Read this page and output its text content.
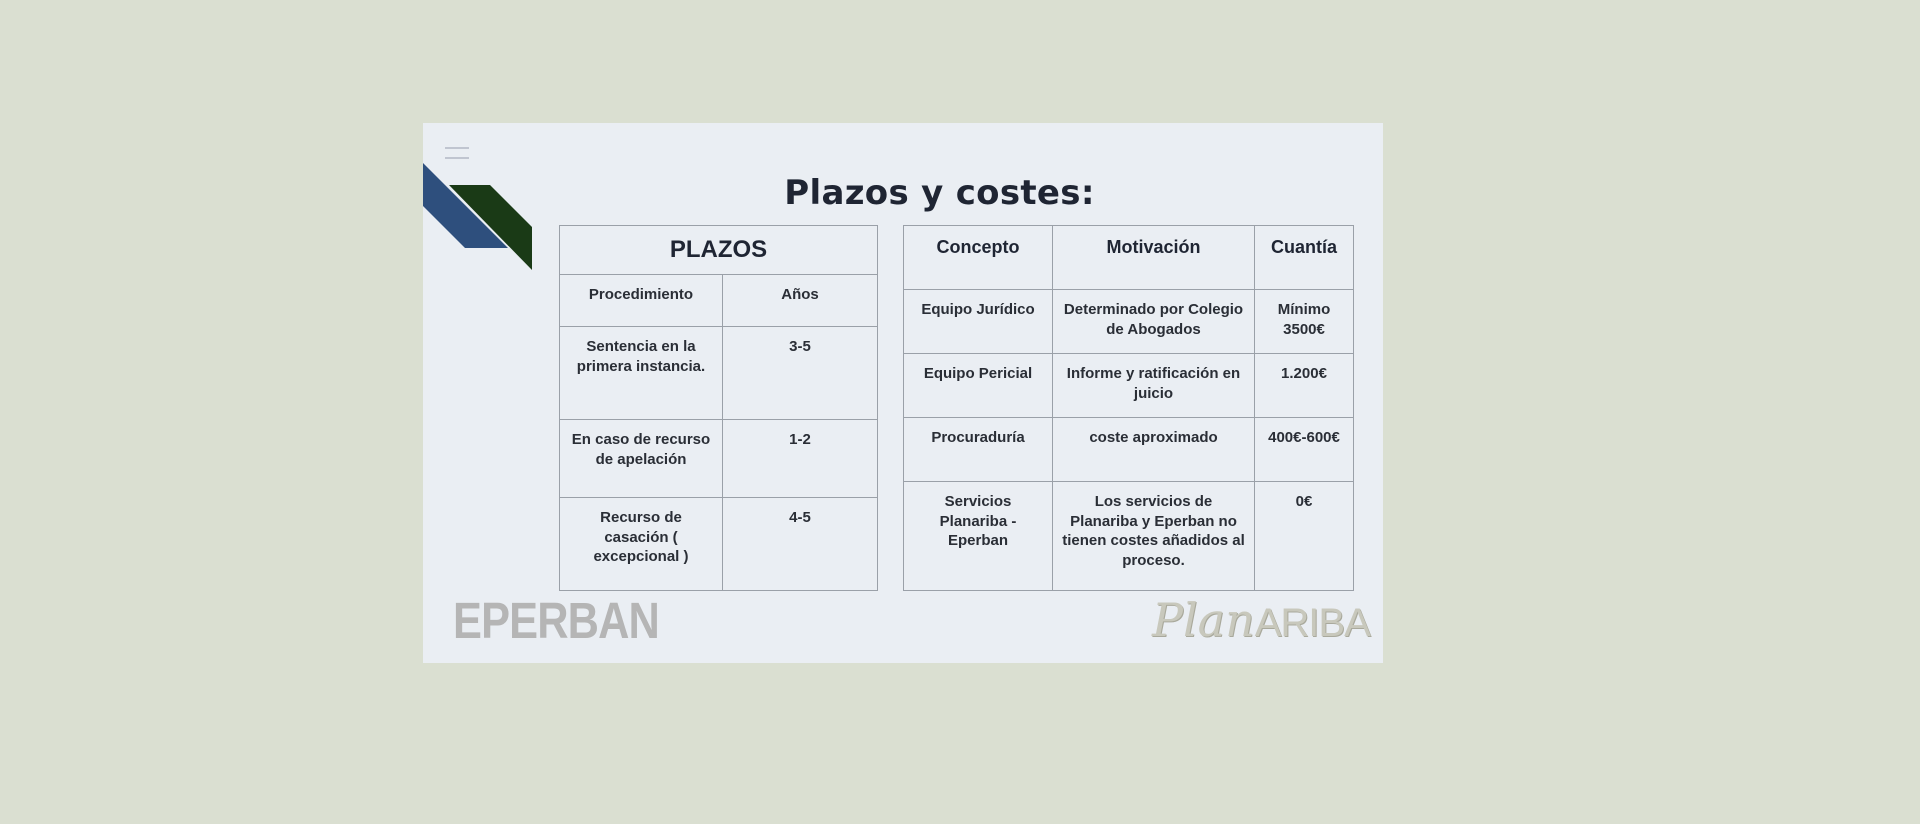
Plazos y costes:
PLAZOS	
Procedimiento	Años
Sentencia en la primera instancia.	3-5
En caso de recurso de apelación	1-2
Recurso de casación ( excepcional )	4-5
Concepto	Motivación	Cuantía
Equipo Jurídico	Determinado por Colegio de Abogados	Mínimo 3500€
Equipo Pericial	Informe y ratificación en juicio	1.200€
Procuraduría	coste aproximado	400€-600€
Servicios Planariba - Eperban	Los servicios de Planariba y Eperban no tienen costes añadidos al proceso.	0€
EPERBAN	PlanARIBA
